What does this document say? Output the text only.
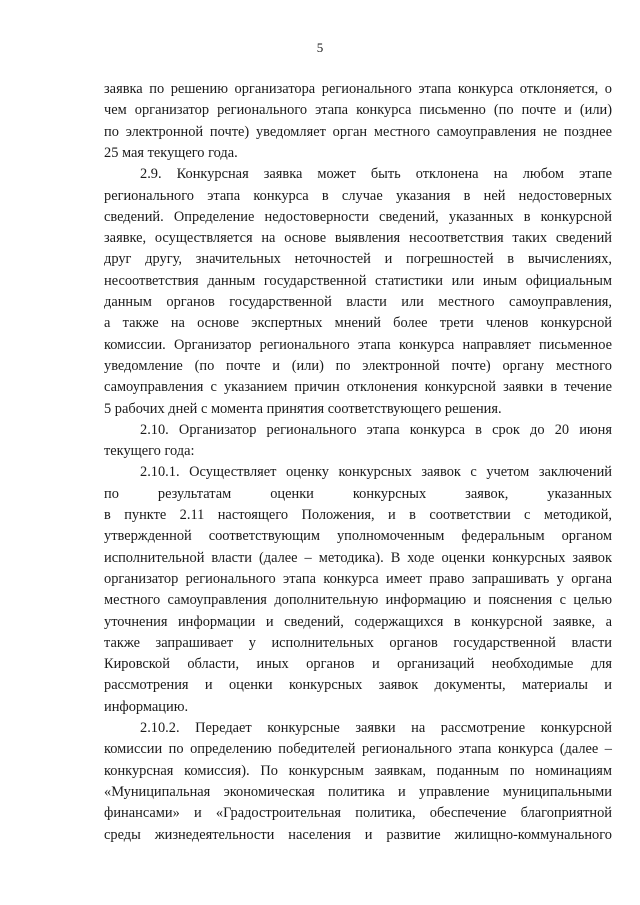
5
заявка по решению организатора регионального этапа конкурса отклоняется, о
чем организатор регионального этапа конкурса письменно (по почте и (или)
по электронной почте) уведомляет орган местного самоуправления не позднее
25 мая текущего года.
2.9. Конкурсная заявка может быть отклонена на любом этапе
регионального этапа конкурса в случае указания в ней недостоверных
сведений. Определение недостоверности сведений, указанных в конкурсной
заявке, осуществляется на основе выявления несоответствия таких сведений
друг другу, значительных неточностей и погрешностей в вычислениях,
несоответствия данным государственной статистики или иным официальным
данным органов государственной власти или местного самоуправления,
а также на основе экспертных мнений более трети членов конкурсной
комиссии. Организатор регионального этапа конкурса направляет письменное
уведомление (по почте и (или) по электронной почте) органу местного
самоуправления с указанием причин отклонения конкурсной заявки в течение
5 рабочих дней с момента принятия соответствующего решения.
2.10. Организатор регионального этапа конкурса в срок до 20 июня
текущего года:
2.10.1. Осуществляет оценку конкурсных заявок с учетом заключений
по результатам оценки конкурсных заявок, указанных
в пункте 2.11 настоящего Положения, и в соответствии с методикой,
утвержденной соответствующим уполномоченным федеральным органом
исполнительной власти (далее – методика). В ходе оценки конкурсных заявок
организатор регионального этапа конкурса имеет право запрашивать у органа
местного самоуправления дополнительную информацию и пояснения с целью
уточнения информации и сведений, содержащихся в конкурсной заявке, а
также запрашивает у исполнительных органов государственной власти
Кировской области, иных органов и организаций необходимые для
рассмотрения и оценки конкурсных заявок документы, материалы и
информацию.
2.10.2. Передает конкурсные заявки на рассмотрение конкурсной
комиссии по определению победителей регионального этапа конкурса (далее –
конкурсная комиссия). По конкурсным заявкам, поданным по номинациям
«Муниципальная экономическая политика и управление муниципальными
финансами» и «Градостроительная политика, обеспечение благоприятной
среды жизнедеятельности населения и развитие жилищно-коммунального
